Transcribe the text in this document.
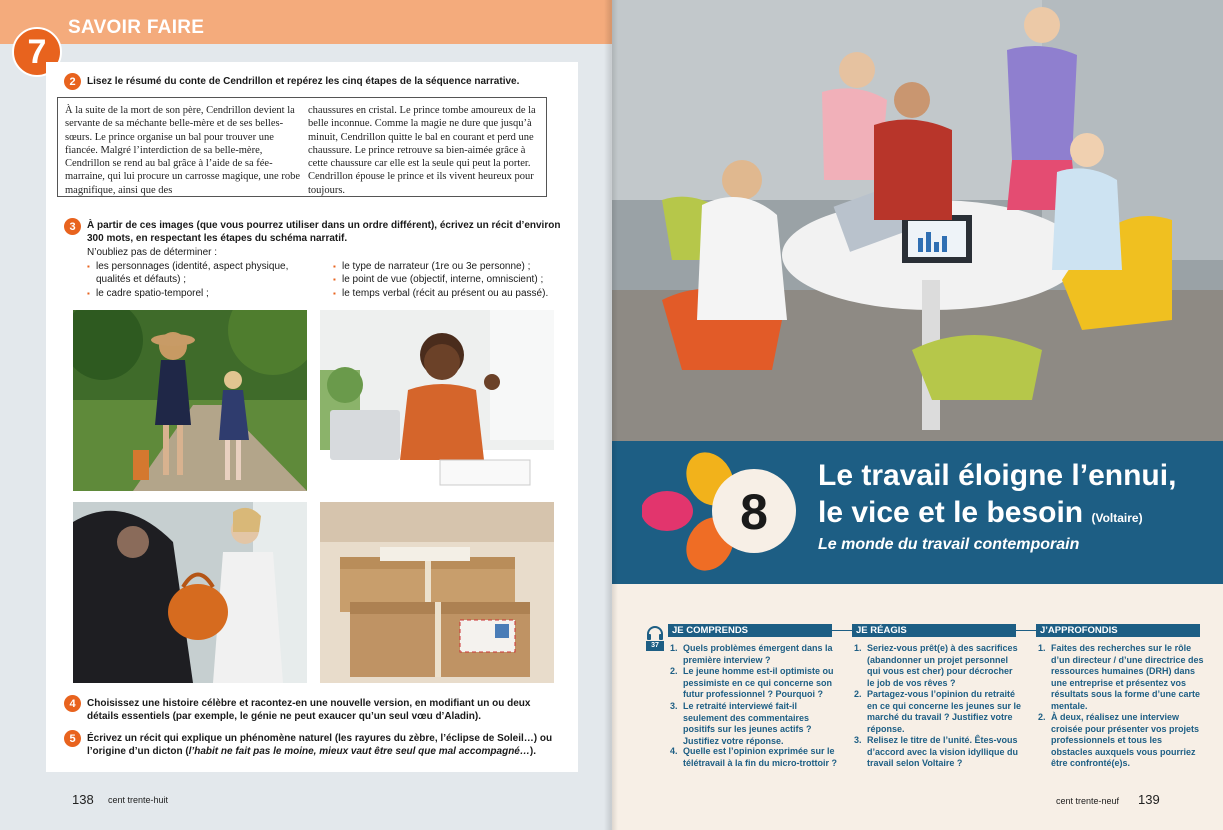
SAVOIR FAIRE
7
2	Lisez le résumé du conte de Cendrillon et repérez les cinq étapes de la séquence narrative.
À la suite de la mort de son père, Cendrillon devient la servante de sa méchante belle-mère et de ses belles-sœurs. Le prince organise un bal pour trouver une fiancée. Malgré l’interdiction de sa belle-mère, Cendrillon se rend au bal grâce à l’aide de sa fée-marraine, qui lui procure un carrosse magique, une robe magnifique, ainsi que des
chaussures en cristal. Le prince tombe amoureux de la belle inconnue. Comme la magie ne dure que jusqu’à minuit, Cendrillon quitte le bal en courant et perd une chaussure. Le prince retrouve sa bien-aimée grâce à cette chaussure car elle est la seule qui peut la porter. Cendrillon épouse le prince et ils vivent heureux pour toujours.
3	À partir de ces images (que vous pourrez utiliser dans un ordre différent), écrivez un récit d’environ
300 mots, en respectant les étapes du schéma narratif.
N’oubliez pas de déterminer :
▪ les personnages (identité, aspect physique, qualités et défauts) ;
▪ le cadre spatio-temporel ;
▪ le type de narrateur (1re ou 3e personne) ;
▪ le point de vue (objectif, interne, omniscient) ;
▪ le temps verbal (récit au présent ou au passé).
4	Choisissez une histoire célèbre et racontez-en une nouvelle version, en modifiant un ou deux
détails essentiels (par exemple, le génie ne peut exaucer qu’un seul vœu d’Aladin).
5	Écrivez un récit qui explique un phénomène naturel (les rayures du zèbre, l’éclipse de Soleil…) ou
l’origine d’un dicton (l’habit ne fait pas le moine, mieux vaut être seul que mal accompagné…).
138 cent trente-huit
8
Le travail éloigne l’ennui,
le vice et le besoin (Voltaire)
Le monde du travail contemporain
37
JE COMPRENDS	JE RÉAGIS	J’APPROFONDIS
1. Quels problèmes émergent dans la première interview ?
2. Le jeune homme est-il optimiste ou pessimiste en ce qui concerne son futur professionnel ? Pourquoi ?
3. Le retraité interviewé fait-il seulement des commentaires positifs sur les jeunes actifs ? Justifiez votre réponse.
4. Quelle est l’opinion exprimée sur le télétravail à la fin du micro-trottoir ?
1. Seriez-vous prêt(e) à des sacrifices (abandonner un projet personnel qui vous est cher) pour décrocher le job de vos rêves ?
2. Partagez-vous l’opinion du retraité en ce qui concerne les jeunes sur le marché du travail ? Justifiez votre réponse.
3. Relisez le titre de l’unité. Êtes-vous d’accord avec la vision idyllique du travail selon Voltaire ?
1. Faites des recherches sur le rôle d’un directeur / d’une directrice des ressources humaines (DRH) dans une entreprise et présentez vos résultats sous la forme d’une carte mentale.
2. À deux, réalisez une interview croisée pour présenter vos projets professionnels et tous les obstacles auxquels vous pourriez être confronté(e)s.
cent trente-neuf 139
